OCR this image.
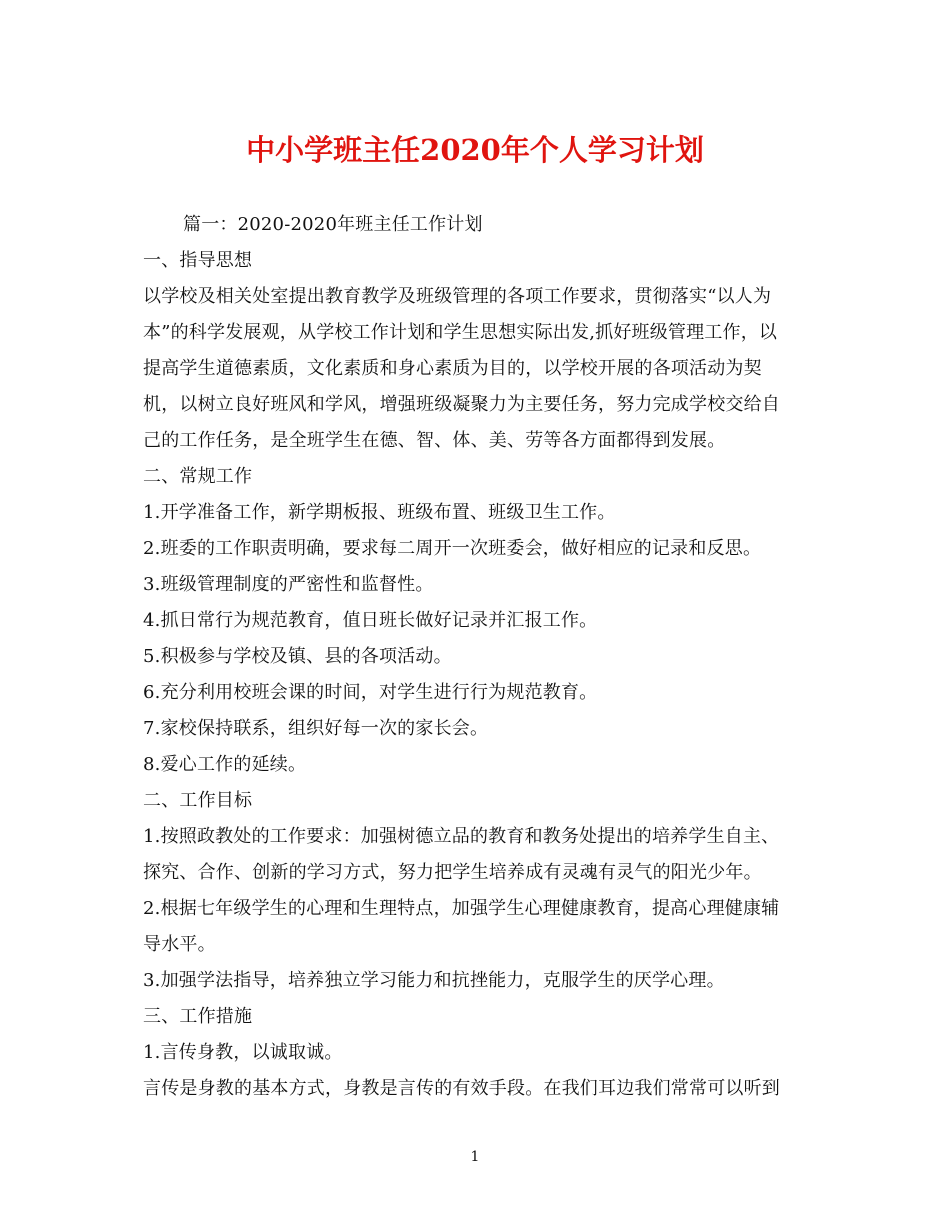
中小学班主任2020年个人学习计划
篇一：2020-2020年班主任工作计划
一、指导思想
以学校及相关处室提出教育教学及班级管理的各项工作要求，贯彻落实“以人为
本”的科学发展观，从学校工作计划和学生思想实际出发,抓好班级管理工作，以
提高学生道德素质，文化素质和身心素质为目的，以学校开展的各项活动为契
机，以树立良好班风和学风，增强班级凝聚力为主要任务，努力完成学校交给自
己的工作任务，是全班学生在德、智、体、美、劳等各方面都得到发展。
二、常规工作
1.开学准备工作，新学期板报、班级布置、班级卫生工作。
2.班委的工作职责明确，要求每二周开一次班委会，做好相应的记录和反思。
3.班级管理制度的严密性和监督性。
4.抓日常行为规范教育，值日班长做好记录并汇报工作。
5.积极参与学校及镇、县的各项活动。
6.充分利用校班会课的时间，对学生进行行为规范教育。
7.家校保持联系，组织好每一次的家长会。
8.爱心工作的延续。
二、工作目标
1.按照政教处的工作要求：加强树德立品的教育和教务处提出的培养学生自主、
探究、合作、创新的学习方式，努力把学生培养成有灵魂有灵气的阳光少年。
2.根据七年级学生的心理和生理特点，加强学生心理健康教育，提高心理健康辅
导水平。
3.加强学法指导，培养独立学习能力和抗挫能力，克服学生的厌学心理。
三、工作措施
1.言传身教，以诚取诚。
言传是身教的基本方式，身教是言传的有效手段。在我们耳边我们常常可以听到
1
